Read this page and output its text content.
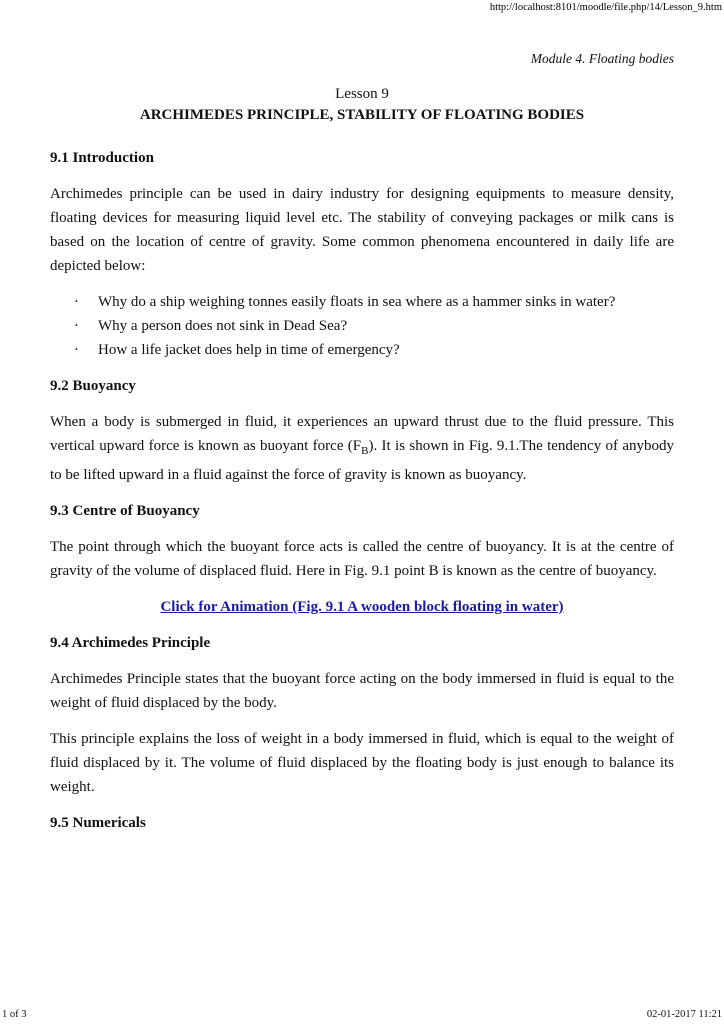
http://localhost:8101/moodle/file.php/14/Lesson_9.htm
Module 4. Floating bodies
Lesson 9
ARCHIMEDES PRINCIPLE, STABILITY OF FLOATING BODIES
9.1 Introduction

Archimedes principle can be used in dairy industry for designing equipments to measure density, floating devices for measuring liquid level etc. The stability of conveying packages or milk cans is based on the location of centre of gravity. Some common phenomena encountered in daily life are depicted below:

· Why do a ship weighing tonnes easily floats in sea where as a hammer sinks in water?
· Why a person does not sink in Dead Sea?
· How a life jacket does help in time of emergency?
9.2 Buoyancy

When a body is submerged in fluid, it experiences an upward thrust due to the fluid pressure. This vertical upward force is known as buoyant force $(F_B)$. It is shown in Fig. 9.1.The tendency of anybody to be lifted upward in a fluid against the force of gravity is known as buoyancy.

9.3 Centre of Buoyancy

The point through which the buoyant force acts is called the centre of buoyancy. It is at the centre of gravity of the volume of displaced fluid. Here in Fig. 9.1 point B is known as the centre of buoyancy.

Click for Animation (Fig. 9.1 A wooden block floating in water)
9.4 Archimedes Principle

Archimedes Principle states that the buoyant force acting on the body immersed in fluid is equal to the weight of fluid displaced by the body.

This principle explains the loss of weight in a body immersed in fluid, which is equal to the weight of fluid displaced by it. The volume of fluid displaced by the floating body is just enough to balance its weight.

9.5 Numericals
1 of 3	02-01-2017 11:21
